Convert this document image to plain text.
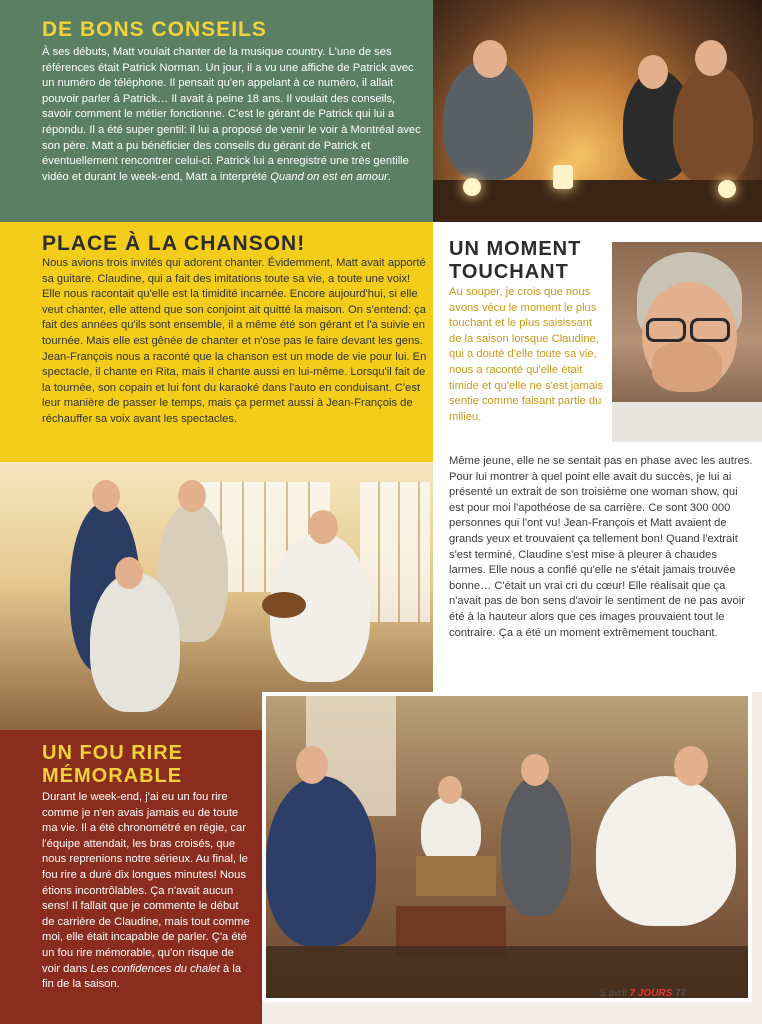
DE BONS CONSEILS

À ses débuts, Matt voulait chanter de la musique country. L'une de ses références était Patrick Norman. Un jour, il a vu une affiche de Patrick avec un numéro de téléphone. Il pensait qu'en appelant à ce numéro, il allait pouvoir parler à Patrick… Il avait à peine 18 ans. Il voulait des conseils, savoir comment le métier fonctionne. C'est le gérant de Patrick qui lui a répondu. Il a été super gentil: il lui a proposé de venir le voir à Montréal avec son père. Matt a pu bénéficier des conseils du gérant de Patrick et éventuellement rencontrer celui-ci. Patrick lui a enregistré une très gentille vidéo et durant le week-end, Matt a interprété Quand on est en amour.

PLACE À LA CHANSON!

Nous avions trois invités qui adorent chanter. Évidemment, Matt avait apporté sa guitare. Claudine, qui a fait des imitations toute sa vie, a toute une voix! Elle nous racontait qu'elle est la timidité incarnée. Encore aujourd'hui, si elle veut chanter, elle attend que son conjoint ait quitté la maison. On s'entend: ça fait des années qu'ils sont ensemble, il a même été son gérant et l'a suivie en tournée. Mais elle est gênée de chanter et n'ose pas le faire devant les gens. Jean-François nous a raconté que la chanson est un mode de vie pour lui. En spectacle, il chante en Rita, mais il chante aussi en lui-même. Lorsqu'il fait de la tournée, son copain et lui font du karaoké dans l'auto en conduisant. C'est leur manière de passer le temps, mais ça permet aussi à Jean-François de réchauffer sa voix avant les spectacles.

UN MOMENT TOUCHANT

Au souper, je crois que nous avons vécu le moment le plus touchant et le plus saisissant de la saison lorsque Claudine, qui a douté d'elle toute sa vie, nous a raconté qu'elle était timide et qu'elle ne s'est jamais sentie comme faisant partie du milieu.

Même jeune, elle ne se sentait pas en phase avec les autres. Pour lui montrer à quel point elle avait du succès, je lui ai présenté un extrait de son troisième one woman show, qui est pour moi l'apothéose de sa carrière. Ce sont 300 000 personnes qui l'ont vu! Jean-François et Matt avaient de grands yeux et trouvaient ça tellement bon! Quand l'extrait s'est terminé, Claudine s'est mise à pleurer à chaudes larmes. Elle nous a confié qu'elle ne s'était jamais trouvée bonne… C'était un vrai cri du cœur! Elle réalisait que ça n'avait pas de bon sens d'avoir le sentiment de ne pas avoir été à la hauteur alors que ces images prouvaient tout le contraire. Ça a été un moment extrêmement touchant.

UN FOU RIRE MÉMORABLE

Durant le week-end, j'ai eu un fou rire comme je n'en avais jamais eu de toute ma vie. Il a été chronométré en régie, car l'équipe attendait, les bras croisés, que nous reprenions notre sérieux. Au final, le fou rire a duré dix longues minutes! Nous étions incontrôlables. Ça n'avait aucun sens! Il fallait que je commente le début de carrière de Claudine, mais tout comme moi, elle était incapable de parler. Ç'a été un fou rire mémorable, qu'on risque de voir dans Les confidences du chalet à la fin de la saison.

5 avril 7 JOURS 77
